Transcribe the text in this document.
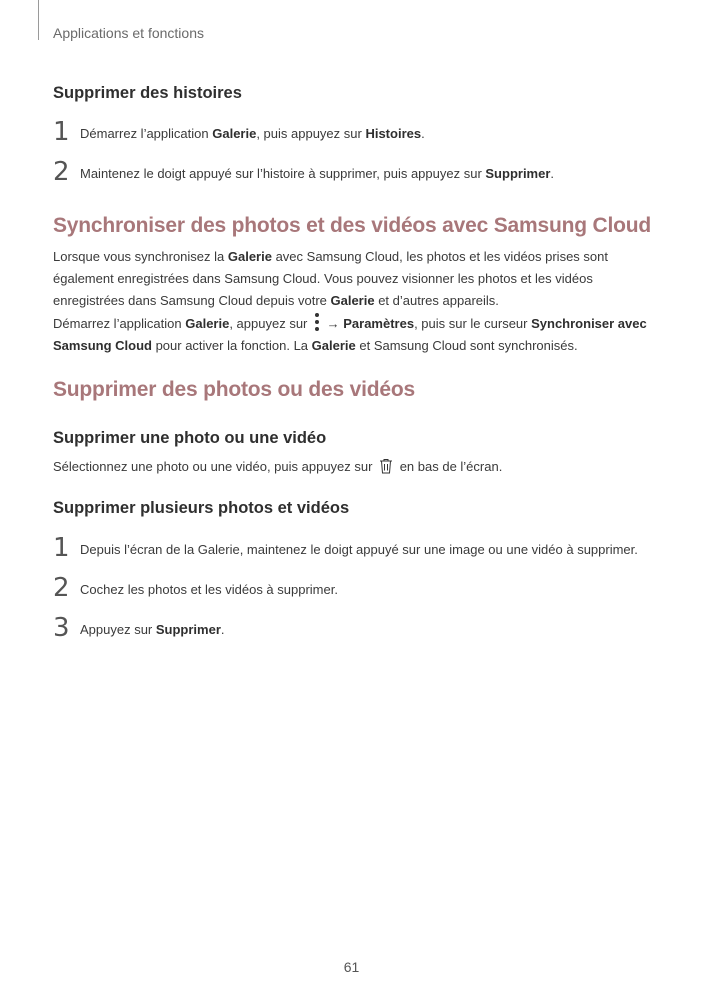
Applications et fonctions
Supprimer des histoires
1 Démarrez l’application Galerie, puis appuyez sur Histoires.
2 Maintenez le doigt appuyé sur l’histoire à supprimer, puis appuyez sur Supprimer.
Synchroniser des photos et des vidéos avec Samsung Cloud
Lorsque vous synchronisez la Galerie avec Samsung Cloud, les photos et les vidéos prises sont
également enregistrées dans Samsung Cloud. Vous pouvez visionner les photos et les vidéos
enregistrées dans Samsung Cloud depuis votre Galerie et d’autres appareils.
Démarrez l’application Galerie, appuyez sur
→ Paramètres, puis sur le curseur Synchroniser avec
Samsung Cloud pour activer la fonction. La Galerie et Samsung Cloud sont synchronisés.
Supprimer des photos ou des vidéos
Supprimer une photo ou une vidéo
Sélectionnez une photo ou une vidéo, puis appuyez sur  en bas de l’écran.
Supprimer plusieurs photos et vidéos
1 Depuis l’écran de la Galerie, maintenez le doigt appuyé sur une image ou une vidéo à supprimer.
2 Cochez les photos et les vidéos à supprimer.
3 Appuyez sur Supprimer.
61
